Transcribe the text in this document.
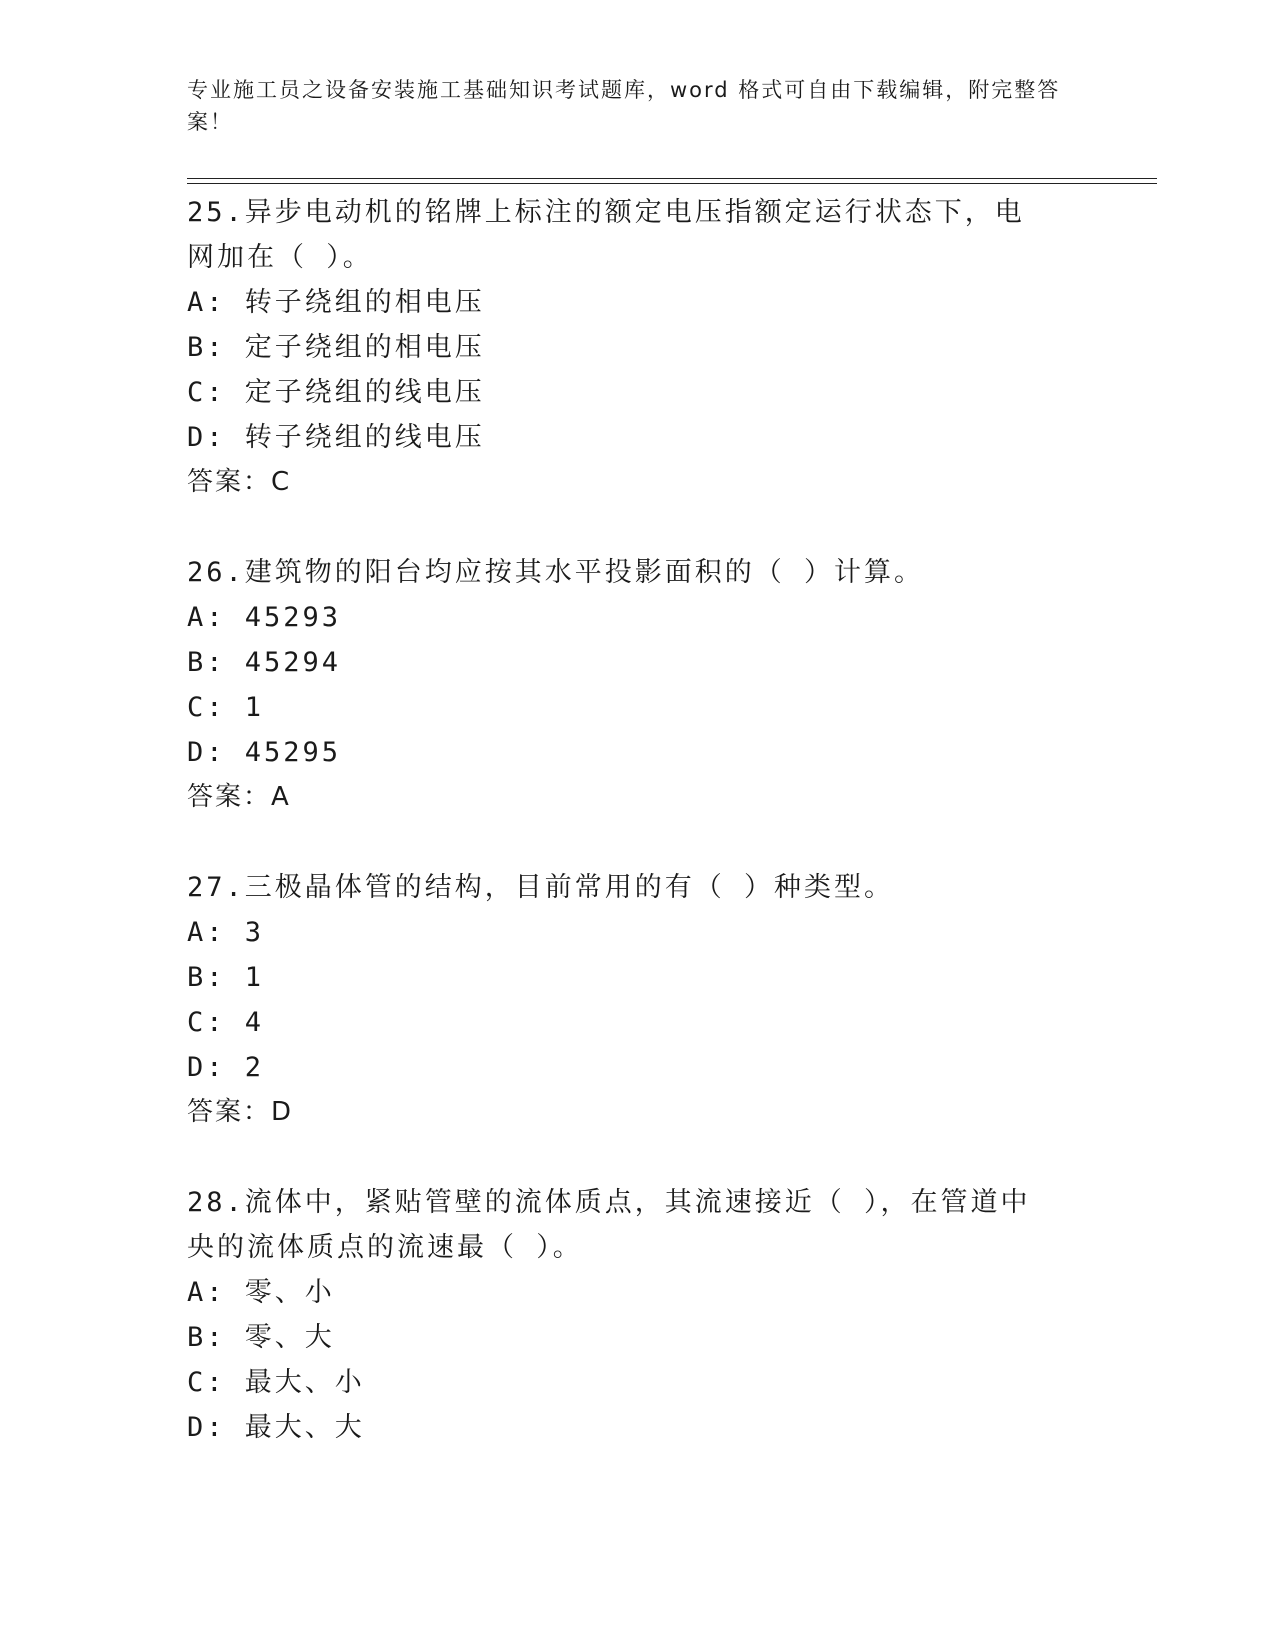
专业施工员之设备安装施工基础知识考试题库，word 格式可自由下载编辑，附完整答案！

25.异步电动机的铭牌上标注的额定电压指额定运行状态下，电网加在（ ）。

A: 转子绕组的相电压

B: 定子绕组的相电压

C: 定子绕组的线电压

D: 转子绕组的线电压

答案：C

26.建筑物的阳台均应按其水平投影面积的（ ）计算。

A: 45293

B: 45294

C: 1

D: 45295

答案：A

27.三极晶体管的结构，目前常用的有（ ）种类型。

A: 3

B: 1

C: 4

D: 2

答案：D

28.流体中，紧贴管壁的流体质点，其流速接近（ ），在管道中央的流体质点的流速最（ ）。

A: 零、小

B: 零、大

C: 最大、小

D: 最大、大
